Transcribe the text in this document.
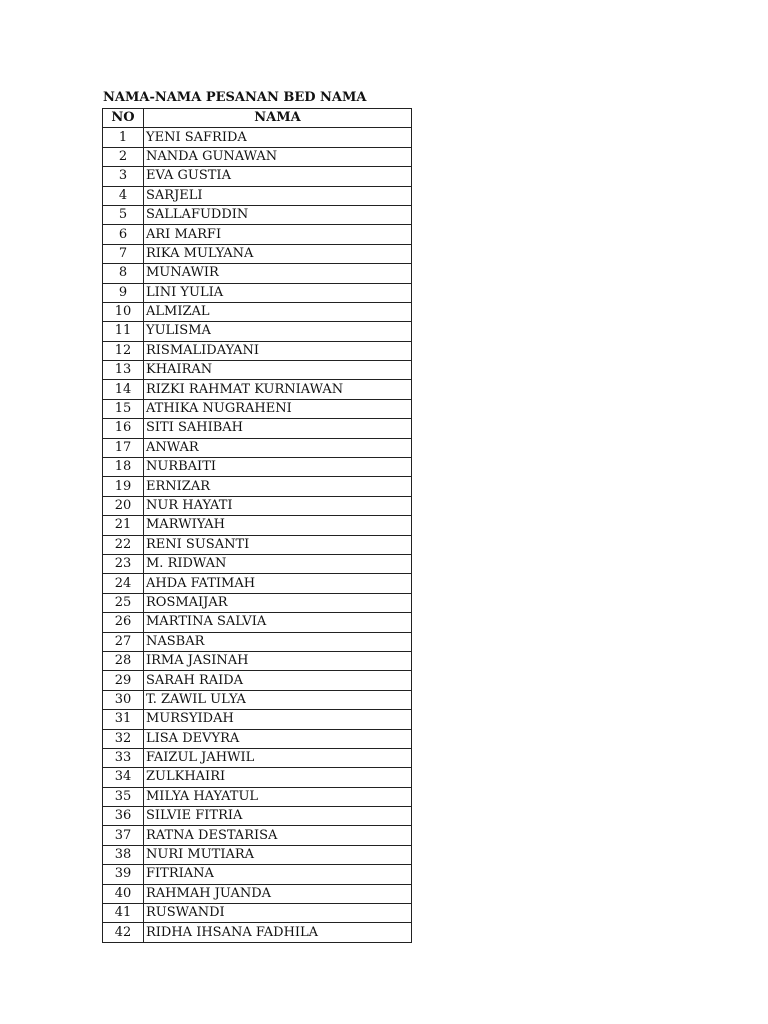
NAMA-NAMA PESANAN BED NAMA
NO	NAMA
1	YENI SAFRIDA
2	NANDA GUNAWAN
3	EVA GUSTIA
4	SARJELI
5	SALLAFUDDIN
6	ARI MARFI
7	RIKA MULYANA
8	MUNAWIR
9	LINI YULIA
10	ALMIZAL
11	YULISMA
12	RISMALIDAYANI
13	KHAIRAN
14	RIZKI RAHMAT KURNIAWAN
15	ATHIKA NUGRAHENI
16	SITI SAHIBAH
17	ANWAR
18	NURBAITI
19	ERNIZAR
20	NUR HAYATI
21	MARWIYAH
22	RENI SUSANTI
23	M. RIDWAN
24	AHDA FATIMAH
25	ROSMAIJAR
26	MARTINA SALVIA
27	NASBAR
28	IRMA JASINAH
29	SARAH RAIDA
30	T. ZAWIL ULYA
31	MURSYIDAH
32	LISA DEVYRA
33	FAIZUL JAHWIL
34	ZULKHAIRI
35	MILYA HAYATUL
36	SILVIE FITRIA
37	RATNA DESTARISA
38	NURI MUTIARA
39	FITRIANA
40	RAHMAH JUANDA
41	RUSWANDI
42	RIDHA IHSANA FADHILA
